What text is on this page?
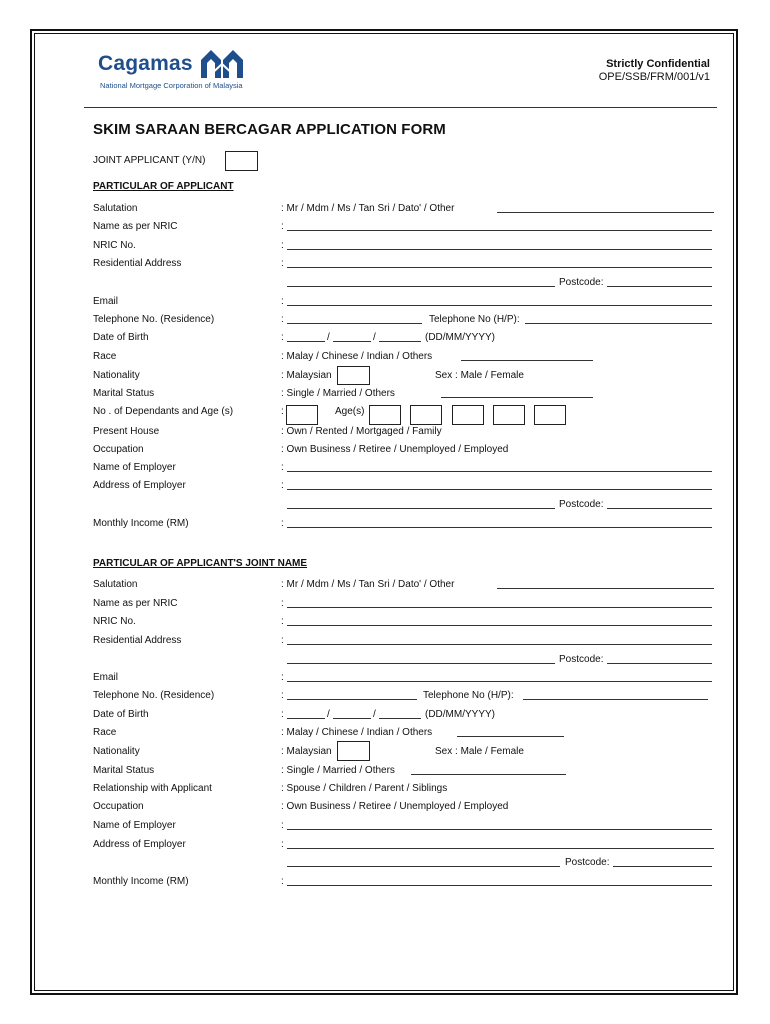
Cagamas
National Mortgage Corporation of Malaysia
Strictly Confidential
OPE/SSB/FRM/001/v1
SKIM SARAAN BERCAGAR APPLICATION FORM
JOINT APPLICANT (Y/N)
PARTICULAR OF APPLICANT
Salutation	: Mr / Mdm / Ms / Tan Sri / Dato' / Other
Name as per NRIC	:
NRIC No.	:
Residential Address	:
Postcode:
Email	:
Telephone No. (Residence)	:	Telephone No (H/P):
Date of Birth	:	/	/	(DD/MM/YYYY)
Race	: Malay / Chinese / Indian / Others
Nationality	: Malaysian	Sex : Male / Female
Marital Status	: Single / Married / Others
No . of Dependants and Age (s)	:	Age(s)
Present House	: Own / Rented / Mortgaged / Family
Occupation	: Own Business / Retiree / Unemployed / Employed
Name of Employer	:
Address of Employer	:
Postcode:
Monthly Income (RM)	:
PARTICULAR OF APPLICANT'S JOINT NAME
Salutation	: Mr / Mdm / Ms / Tan Sri / Dato' / Other
Name as per NRIC	:
NRIC No.	:
Residential Address	:
Postcode:
Email	:
Telephone No. (Residence)	:	Telephone No (H/P):
Date of Birth	:	/	/	(DD/MM/YYYY)
Race	: Malay / Chinese / Indian / Others
Nationality	: Malaysian	Sex : Male / Female
Marital Status	: Single / Married / Others
Relationship with Applicant	: Spouse / Children / Parent / Siblings
Occupation	: Own Business / Retiree / Unemployed / Employed
Name of Employer	:
Address of Employer	:
Postcode:
Monthly Income (RM)	:
